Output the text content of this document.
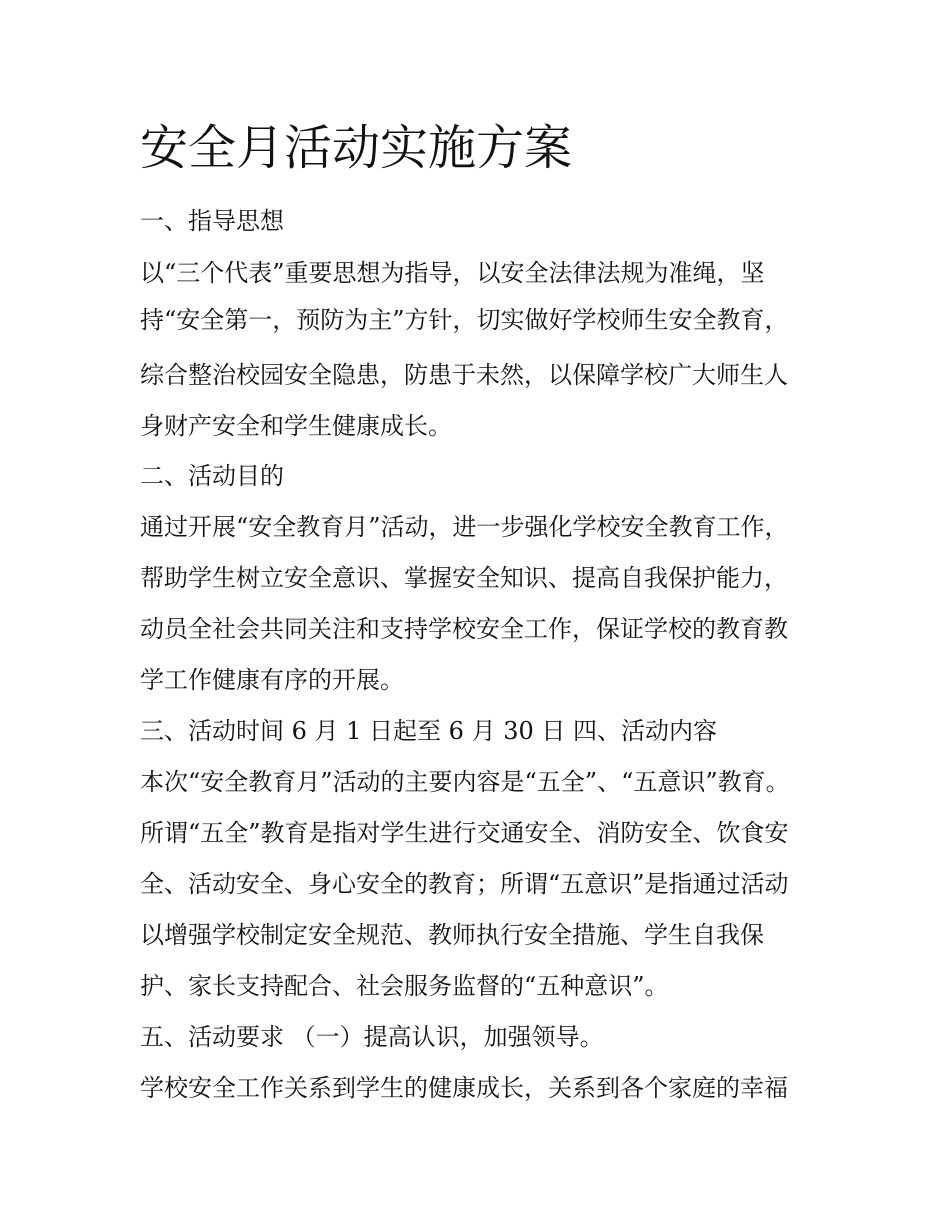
安全月活动实施方案

一、指导思想

以“三个代表”重要思想为指导，以安全法律法规为准绳，坚

持“安全第一，预防为主”方针，切实做好学校师生安全教育，

综合整治校园安全隐患，防患于未然，以保障学校广大师生人

身财产安全和学生健康成长。

二、活动目的

通过开展“安全教育月”活动，进一步强化学校安全教育工作，

帮助学生树立安全意识、掌握安全知识、提高自我保护能力，

动员全社会共同关注和支持学校安全工作，保证学校的教育教

学工作健康有序的开展。

三、活动时间 6 月 1 日起至 6 月 30 日 四、活动内容

本次“安全教育月”活动的主要内容是“五全”、“五意识”教育。

所谓“五全”教育是指对学生进行交通安全、消防安全、饮食安

全、活动安全、身心安全的教育；所谓“五意识”是指通过活动

以增强学校制定安全规范、教师执行安全措施、学生自我保

护、家长支持配合、社会服务监督的“五种意识”。

五、活动要求 （一）提高认识，加强领导。

学校安全工作关系到学生的健康成长，关系到各个家庭的幸福
